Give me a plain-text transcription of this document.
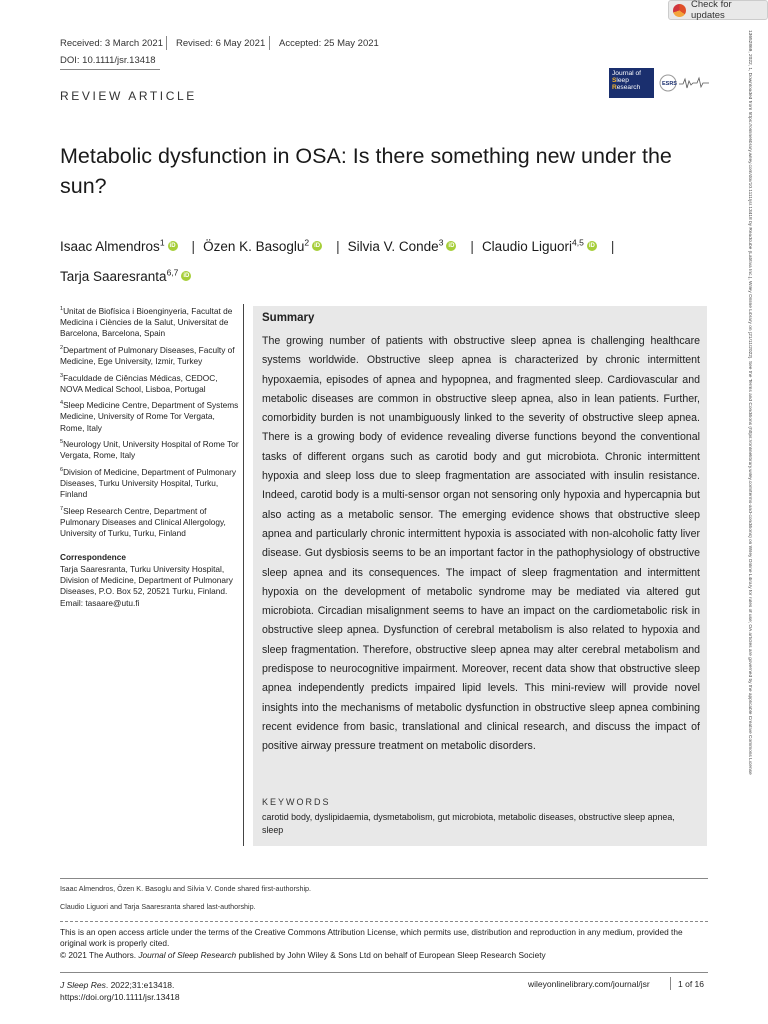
Check for updates
Received: 3 March 2021 Revised: 6 May 2021 Accepted: 25 May 2021
DOI: 10.1111/jsr.13418
Journal of
Sleep
Research
ESRS
REVIEW ARTICLE
Metabolic dysfunction in OSA: Is there something new under the sun?
Isaac Almendros$^1$ iD | Özen K. Basoglu$^2$ iD | Silvia V. Conde$^3$ iD | Claudio Liguori$^{4,5}$ iD |
Tarja Saaresranta$^{6,7}$ iD
$^1$Unitat de Biofísica i Bioenginyeria, Facultat de Medicina i Ciències de la Salut, Universitat de Barcelona, Barcelona, Spain
$^2$Department of Pulmonary Diseases, Faculty of Medicine, Ege University, Izmir, Turkey
$^3$Faculdade de Ciências Médicas, CEDOC, NOVA Medical School, Lisboa, Portugal
$^4$Sleep Medicine Centre, Department of Systems Medicine, University of Rome Tor Vergata, Rome, Italy
$^5$Neurology Unit, University Hospital of Rome Tor Vergata, Rome, Italy
$^6$Division of Medicine, Department of Pulmonary Diseases, Turku University Hospital, Turku, Finland
$^7$Sleep Research Centre, Department of Pulmonary Diseases and Clinical Allergology, University of Turku, Turku, Finland
Correspondence
Tarja Saaresranta, Turku University Hospital, Division of Medicine, Department of Pulmonary Diseases, P.O. Box 52, 20521 Turku, Finland.
Email: tasaare@utu.fi
Summary

The growing number of patients with obstructive sleep apnea is challenging healthcare systems worldwide. Obstructive sleep apnea is characterized by chronic intermittent hypoxaemia, episodes of apnea and hypopnea, and fragmented sleep. Cardiovascular and metabolic diseases are common in obstructive sleep apnea, also in lean patients. Further, comorbidity burden is not unambiguously linked to the severity of obstructive sleep apnea. There is a growing body of evidence revealing diverse functions beyond the conventional tasks of different organs such as carotid body and gut microbiota. Chronic intermittent hypoxia and sleep loss due to sleep fragmentation are associated with insulin resistance. Indeed, carotid body is a multi-sensor organ not sensoring only hypoxia and hypercapnia but also acting as a metabolic sensor. The emerging evidence shows that obstructive sleep apnea and particularly chronic intermittent hypoxia is associated with non-alcoholic fatty liver disease. Gut dysbiosis seems to be an important factor in the pathophysiology of obstructive sleep apnea and its consequences. The impact of sleep fragmentation and intermittent hypoxia on the development of metabolic syndrome may be mediated via altered gut microbiota. Circadian misalignment seems to have an impact on the cardiometabolic risk in obstructive sleep apnea. Dysfunction of cerebral metabolism is also related to hypoxia and sleep fragmentation. Therefore, obstructive sleep apnea may alter cerebral metabolism and predispose to neurocognitive impairment. Moreover, recent data show that obstructive sleep apnea independently predicts impaired lipid levels. This mini-review will provide novel insights into the mechanisms of metabolic dysfunction in obstructive sleep apnea combining recent evidence from basic, translational and clinical research, and discuss the impact of positive airway pressure treatment on metabolic disorders.

KEYWORDS
carotid body, dyslipidaemia, dysmetabolism, gut microbiota, metabolic diseases, obstructive sleep apnea, sleep
Isaac Almendros, Özen K. Basoglu and Silvia V. Conde shared first-authorship.
Claudio Liguori and Tarja Saaresranta shared last-authorship.
This is an open access article under the terms of the Creative Commons Attribution License, which permits use, distribution and reproduction in any medium, provided the original work is properly cited.
© 2021 The Authors. Journal of Sleep Research published by John Wiley & Sons Ltd on behalf of European Sleep Research Society
J Sleep Res. 2022;31:e13418.
https://doi.org/10.1111/jsr.13418
wileyonlinelibrary.com/journal/jsr	1 of 16
13652869, 2022, 1, Downloaded from https://onlinelibrary.wiley.com/doi/10.1111/jsr.13418 by Readcube (Labtiva Inc.), Wiley Online Library on [21/11/2022]. See the Terms and Conditions (https://onlinelibrary.wiley.com/terms-and-conditions) on Wiley Online Library for rules of use; OA articles are governed by the applicable Creative Commons License
